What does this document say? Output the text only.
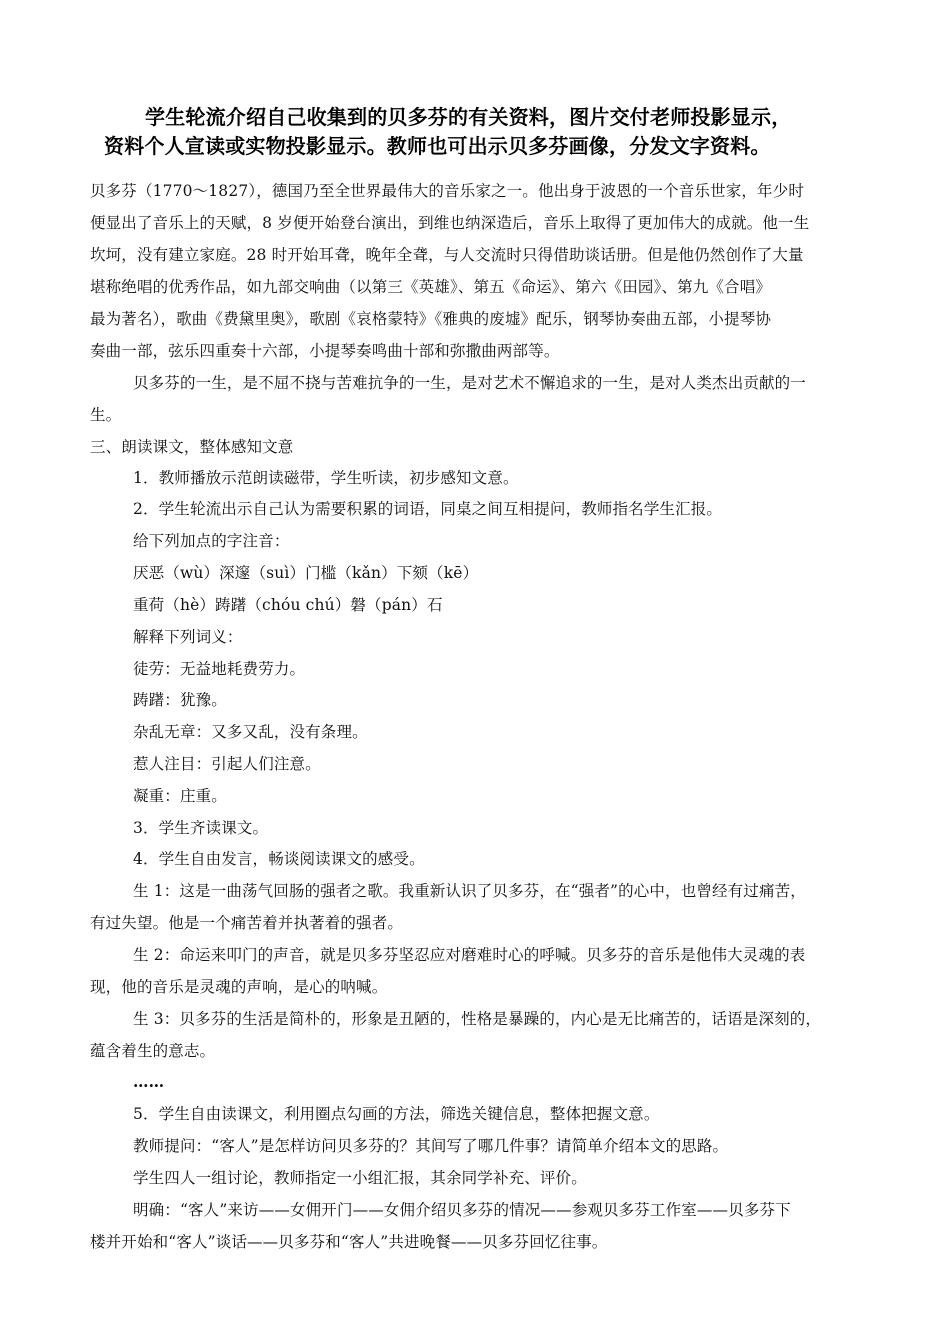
学生轮流介绍自己收集到的贝多芬的有关资料，图片交付老师投影显示，
资料个人宣读或实物投影显示。教师也可出示贝多芬画像，分发文字资料。
贝多芬（1770～1827），德国乃至全世界最伟大的音乐家之一。他出身于波恩的一个音乐世家，年少时
便显出了音乐上的天赋，8 岁便开始登台演出，到维也纳深造后，音乐上取得了更加伟大的成就。他一生
坎坷，没有建立家庭。28 时开始耳聋，晚年全聋，与人交流时只得借助谈话册。但是他仍然创作了大量
堪称绝唱的优秀作品，如九部交响曲（以第三《英雄》、第五《命运》、第六《田园》、第九《合唱》
最为著名），歌曲《费黛里奥》，歌剧《哀格蒙特》《雅典的废墟》配乐，钢琴协奏曲五部，小提琴协
奏曲一部，弦乐四重奏十六部，小提琴奏鸣曲十部和弥撒曲两部等。
贝多芬的一生，是不屈不挠与苦难抗争的一生，是对艺术不懈追求的一生，是对人类杰出贡献的一
生。
三、朗读课文，整体感知文意
1．教师播放示范朗读磁带，学生听读，初步感知文意。
2．学生轮流出示自己认为需要积累的词语，同桌之间互相提问，教师指名学生汇报。
给下列加点的字注音：
厌恶（wù）深邃（suì）门槛（kǎn）下颏（kē）
重荷（hè）踌躇（chóu chú）磐（pán）石
解释下列词义：
徒劳：无益地耗费劳力。
踌躇：犹豫。
杂乱无章：又多又乱，没有条理。
惹人注目：引起人们注意。
凝重：庄重。
3．学生齐读课文。
4．学生自由发言，畅谈阅读课文的感受。
生 1：这是一曲荡气回肠的强者之歌。我重新认识了贝多芬，在“强者”的心中，也曾经有过痛苦，
有过失望。他是一个痛苦着并执著着的强者。
生 2：命运来叩门的声音，就是贝多芬坚忍应对磨难时心的呼喊。贝多芬的音乐是他伟大灵魂的表
现，他的音乐是灵魂的声响，是心的呐喊。
生 3：贝多芬的生活是简朴的，形象是丑陋的，性格是暴躁的，内心是无比痛苦的，话语是深刻的，
蕴含着生的意志。
……
5．学生自由读课文，利用圈点勾画的方法，筛选关键信息，整体把握文意。
教师提问：“客人”是怎样访问贝多芬的？其间写了哪几件事？请简单介绍本文的思路。
学生四人一组讨论，教师指定一小组汇报，其余同学补充、评价。
明确：“客人”来访——女佣开门——女佣介绍贝多芬的情况——参观贝多芬工作室——贝多芬下
楼并开始和“客人”谈话——贝多芬和“客人”共进晚餐——贝多芬回忆往事。
